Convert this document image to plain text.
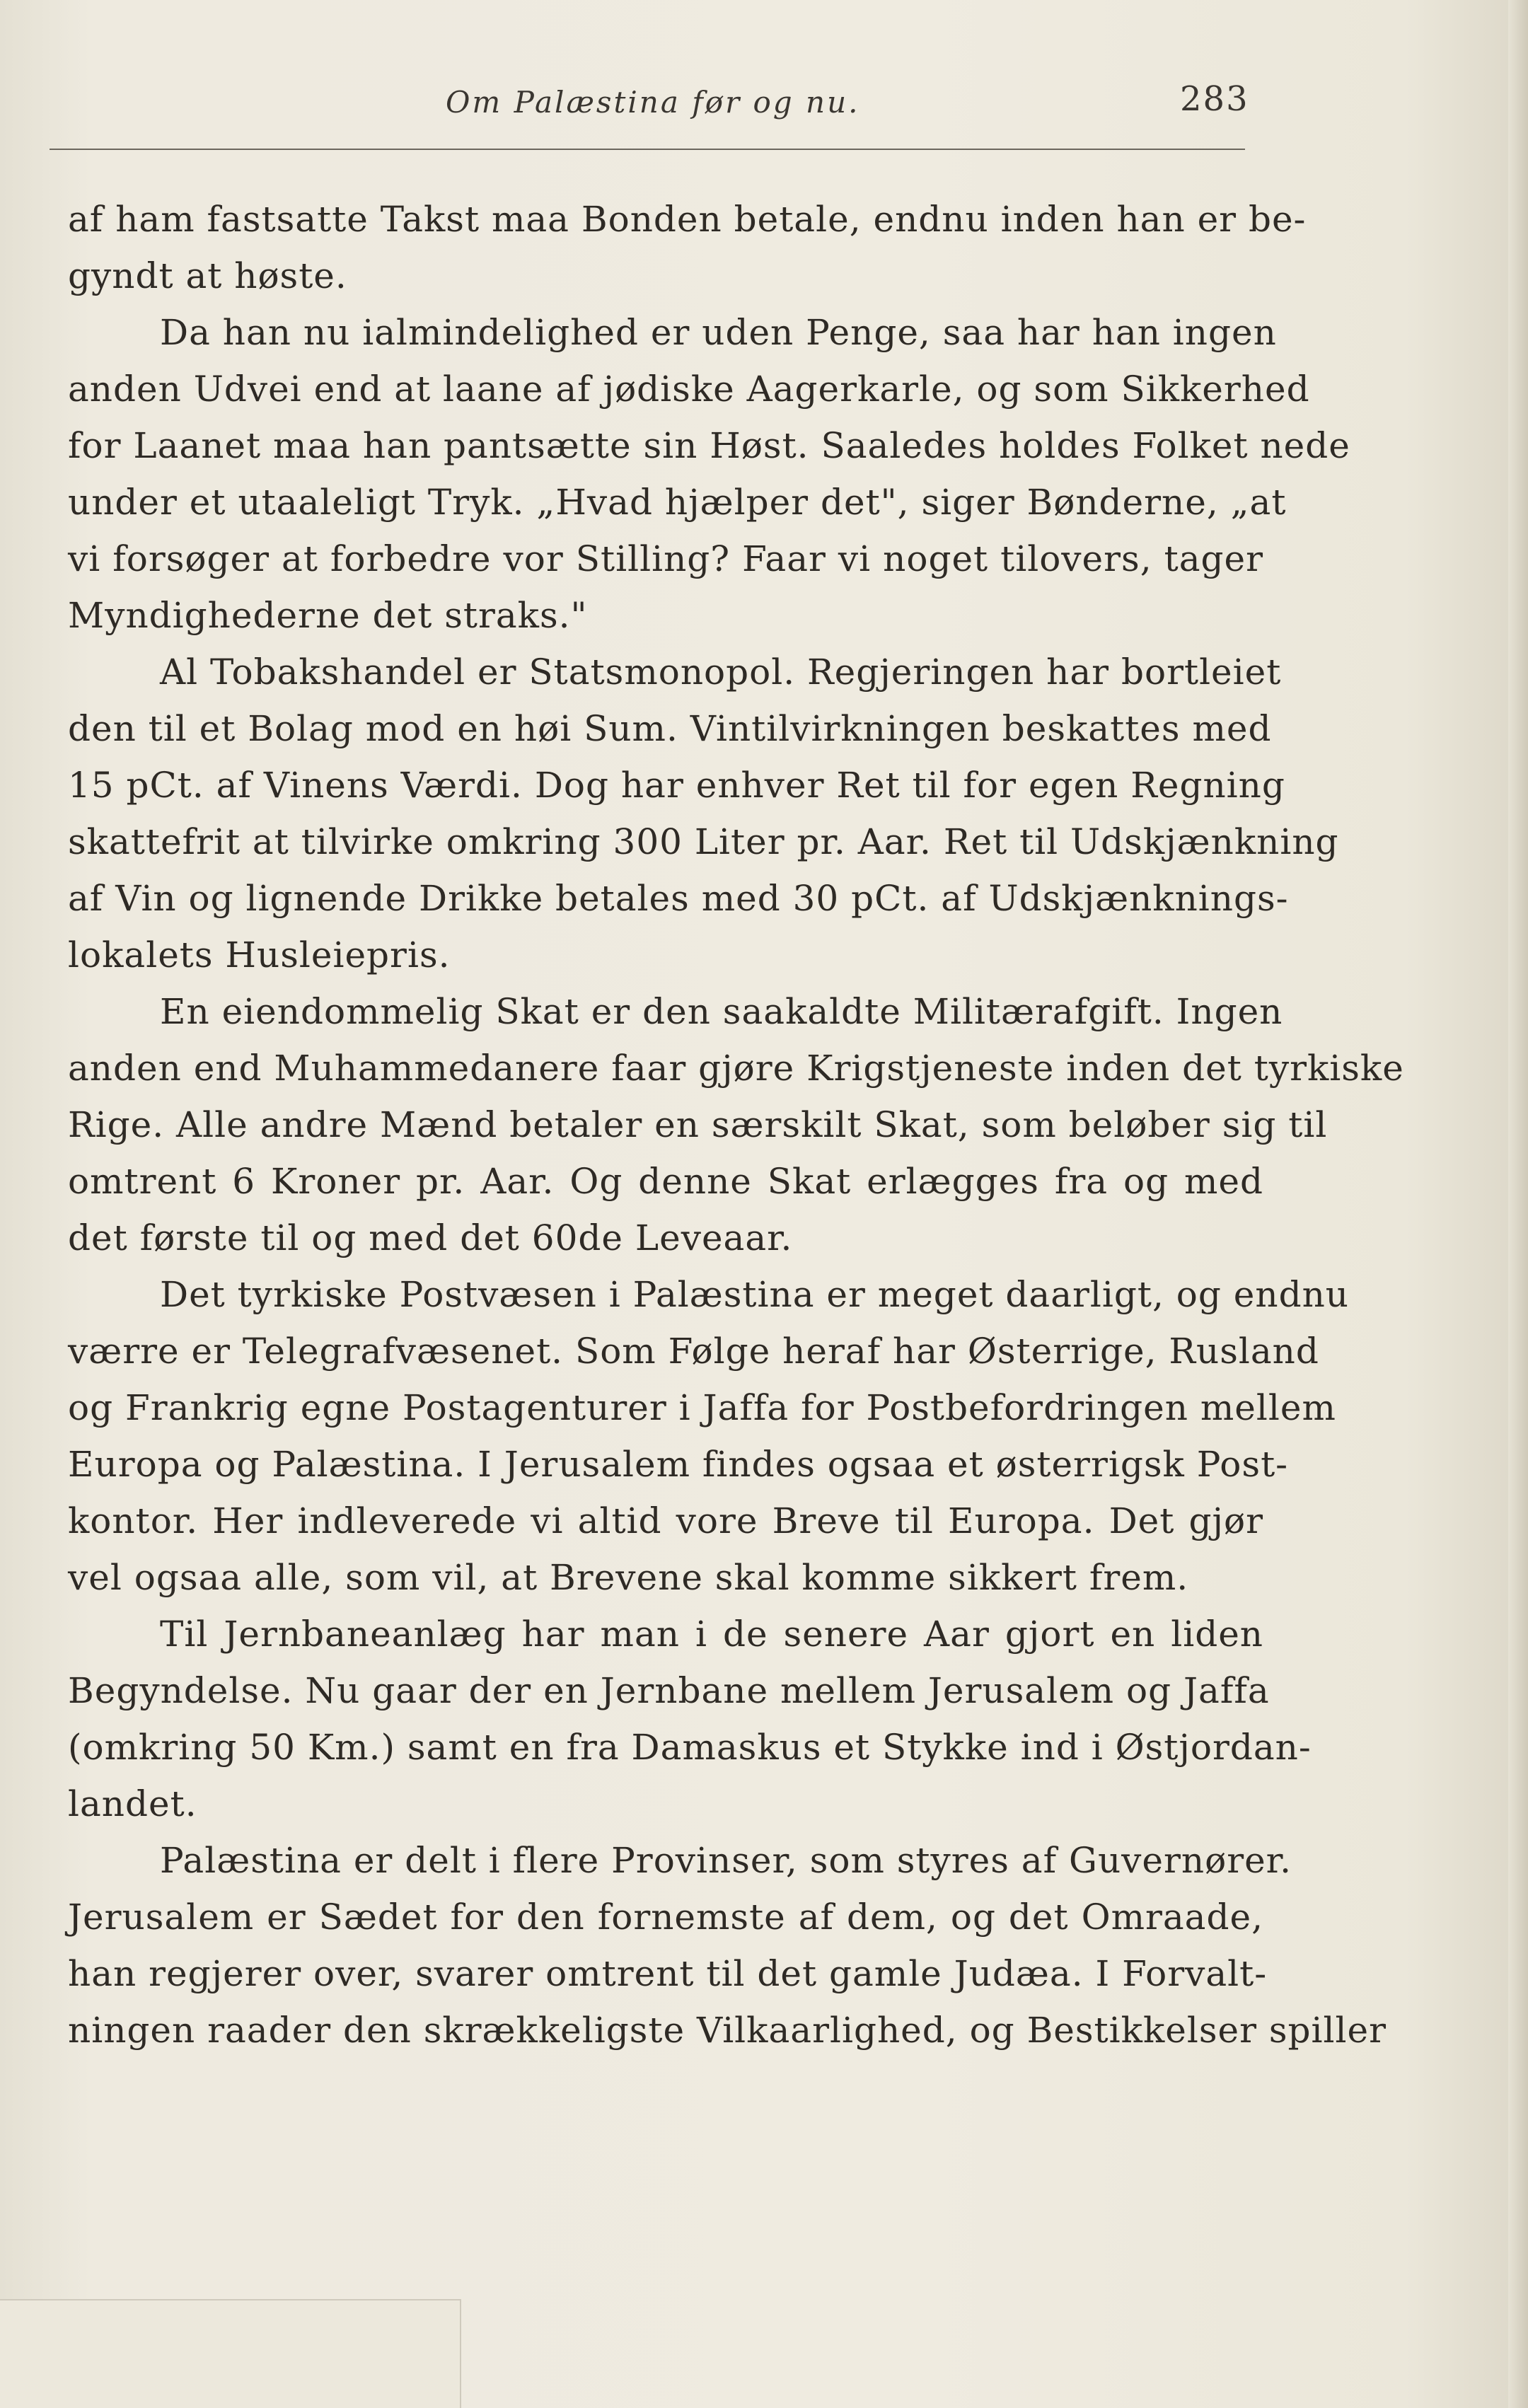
Om Palæstina før og nu.	283
af ham fastsatte Takst maa Bonden betale, endnu inden han er be-
gyndt at høste.
Da han nu ialmindelighed er uden Penge, saa har han ingen
anden Udvei end at laane af jødiske Aagerkarle, og som Sikkerhed
for Laanet maa han pantsætte sin Høst. Saaledes holdes Folket nede
under et utaaleligt Tryk. „Hvad hjælper det", siger Bønderne, „at
vi forsøger at forbedre vor Stilling? Faar vi noget tilovers, tager
Myndighederne det straks."
Al Tobakshandel er Statsmonopol. Regjeringen har bortleiet
den til et Bolag mod en høi Sum. Vintilvirkningen beskattes med
15 pCt. af Vinens Værdi. Dog har enhver Ret til for egen Regning
skattefrit at tilvirke omkring 300 Liter pr. Aar. Ret til Udskjænkning
af Vin og lignende Drikke betales med 30 pCt. af Udskjænknings-
lokalets Husleiepris.
En eiendommelig Skat er den saakaldte Militærafgift. Ingen
anden end Muhammedanere faar gjøre Krigstjeneste inden det tyrkiske
Rige. Alle andre Mænd betaler en særskilt Skat, som beløber sig til
omtrent 6 Kroner pr. Aar. Og denne Skat erlægges fra og med
det første til og med det 60de Leveaar.
Det tyrkiske Postvæsen i Palæstina er meget daarligt, og endnu
værre er Telegrafvæsenet. Som Følge heraf har Østerrige, Rusland
og Frankrig egne Postagenturer i Jaffa for Postbefordringen mellem
Europa og Palæstina. I Jerusalem findes ogsaa et østerrigsk Post-
kontor. Her indleverede vi altid vore Breve til Europa. Det gjør
vel ogsaa alle, som vil, at Brevene skal komme sikkert frem.
Til Jernbaneanlæg har man i de senere Aar gjort en liden
Begyndelse. Nu gaar der en Jernbane mellem Jerusalem og Jaffa
(omkring 50 Km.) samt en fra Damaskus et Stykke ind i Østjordan-
landet.
Palæstina er delt i flere Provinser, som styres af Guvernører.
Jerusalem er Sædet for den fornemste af dem, og det Omraade,
han regjerer over, svarer omtrent til det gamle Judæa. I Forvalt-
ningen raader den skrækkeligste Vilkaarlighed, og Bestikkelser spiller
